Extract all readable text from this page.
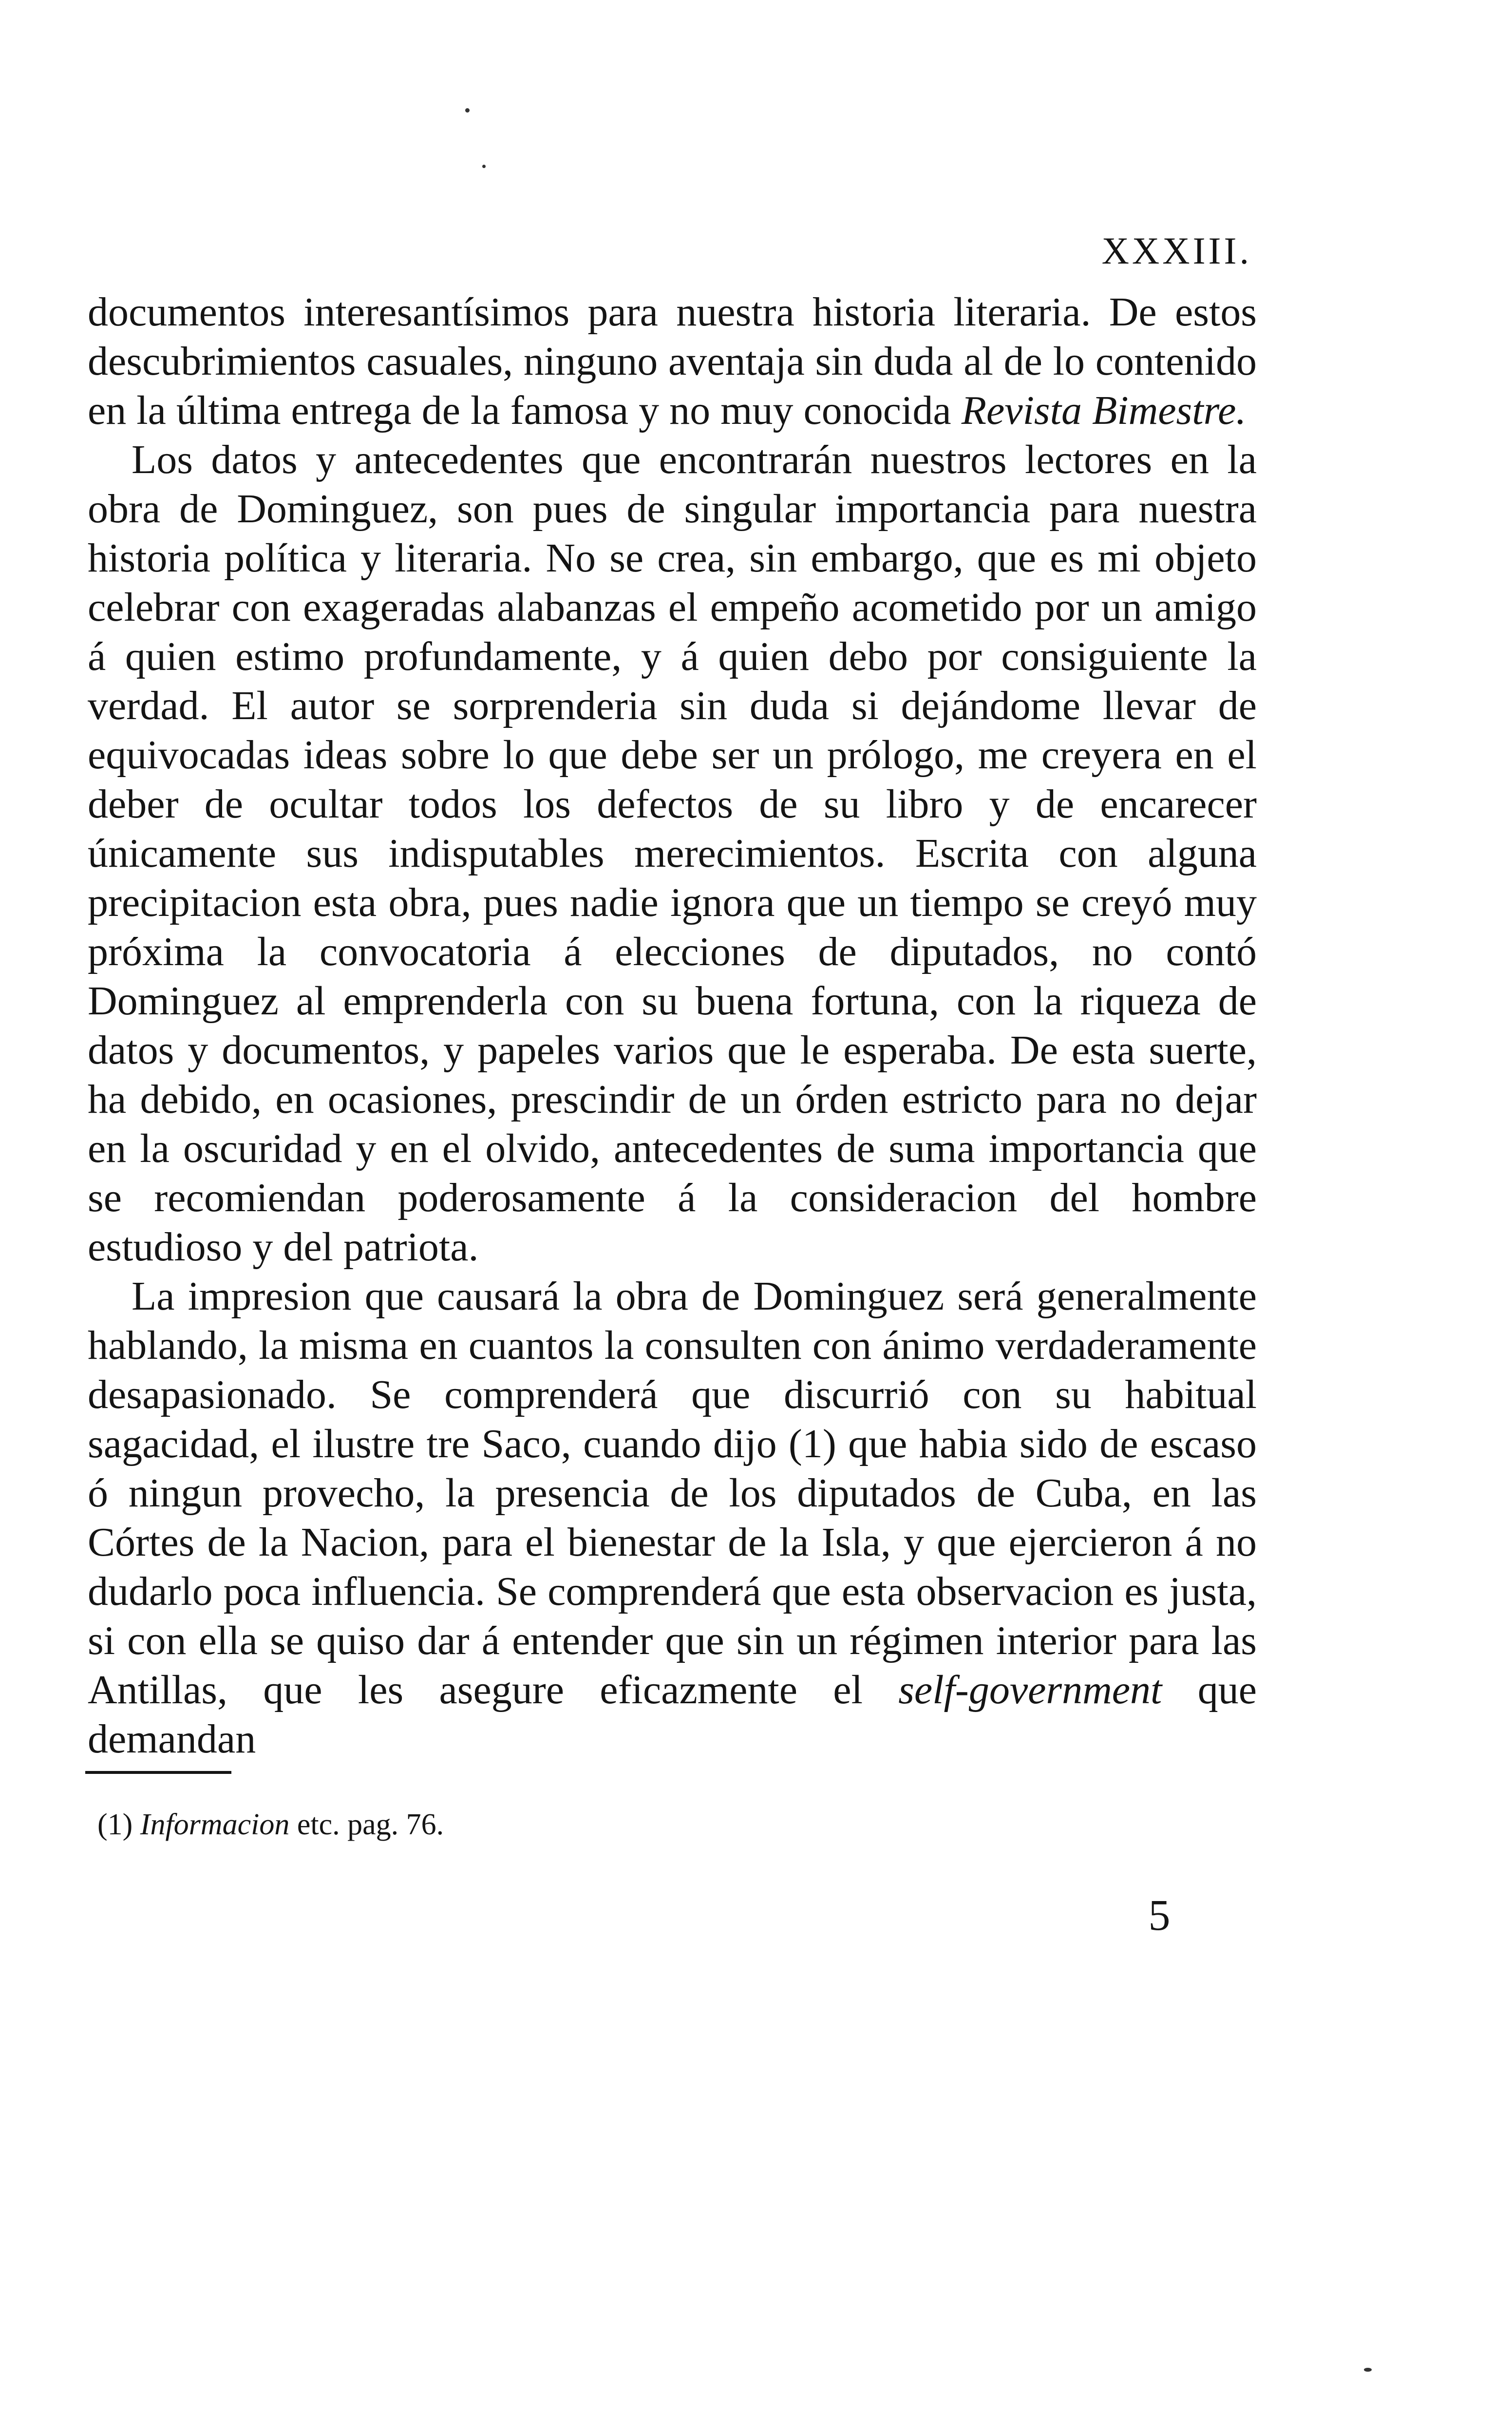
XXXIII.

documentos interesantísimos para nuestra historia literaria. De estos descubrimientos casuales, ninguno aventaja sin duda al de lo contenido en la última entrega de la famosa y no muy conocida Revista Bimestre.

Los datos y antecedentes que encontrarán nuestros lectores en la obra de Dominguez, son pues de singular importancia para nuestra historia política y literaria. No se crea, sin embargo, que es mi objeto celebrar con exageradas alabanzas el empeño acometido por un amigo á quien estimo profundamente, y á quien debo por consiguiente la verdad. El autor se sorprenderia sin duda si dejándome llevar de equivocadas ideas sobre lo que debe ser un prólogo, me creyera en el deber de ocultar todos los defectos de su libro y de encarecer únicamente sus indisputables merecimientos. Escrita con alguna precipitacion esta obra, pues nadie ignora que un tiempo se creyó muy próxima la convocatoria á elecciones de diputados, no contó Dominguez al emprenderla con su buena fortuna, con la riqueza de datos y documentos, y papeles varios que le esperaba. De esta suerte, ha debido, en ocasiones, prescindir de un órden estricto para no dejar en la oscuridad y en el olvido, antecedentes de suma importancia que se recomiendan poderosamente á la consideracion del hombre estudioso y del patriota.

La impresion que causará la obra de Dominguez será generalmente hablando, la misma en cuantos la consulten con ánimo verdaderamente desapasionado. Se comprenderá que discurrió con su habitual sagacidad, el ilustre tre Saco, cuando dijo (1) que habia sido de escaso ó ningun provecho, la presencia de los diputados de Cuba, en las Córtes de la Nacion, para el bienestar de la Isla, y que ejercieron á no dudarlo poca influencia. Se comprenderá que esta observacion es justa, si con ella se quiso dar á entender que sin un régimen interior para las Antillas, que les asegure eficazmente el self-government que demandan

(1) Informacion etc. pag. 76.
5
